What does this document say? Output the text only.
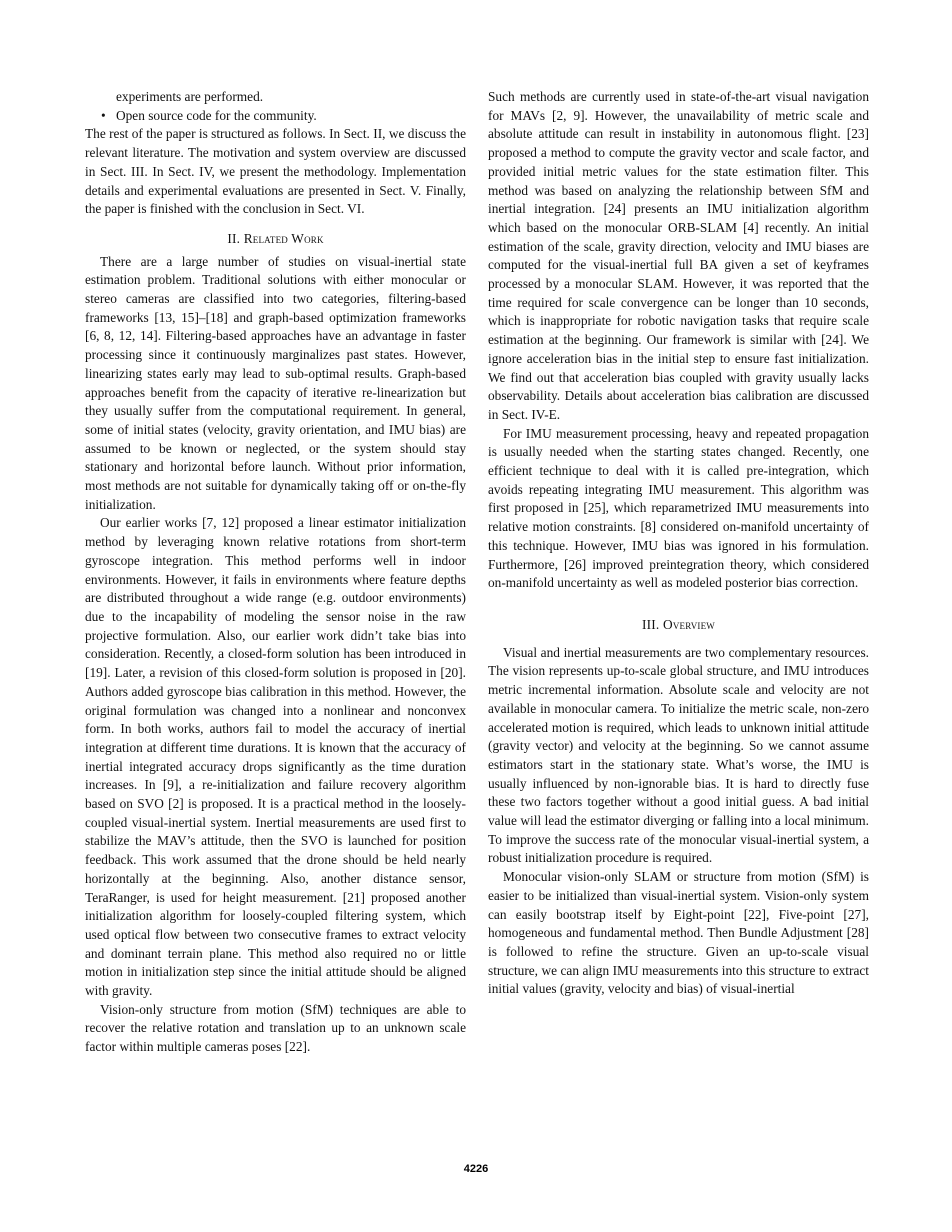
experiments are performed.
• Open source code for the community.

The rest of the paper is structured as follows. In Sect. II, we discuss the relevant literature. The motivation and system overview are discussed in Sect. III. In Sect. IV, we present the methodology. Implementation details and experimental evaluations are presented in Sect. V. Finally, the paper is finished with the conclusion in Sect. VI.

II. Related Work

There are a large number of studies on visual-inertial state estimation problem. Traditional solutions with either monocular or stereo cameras are classified into two categories, filtering-based frameworks [13, 15]–[18] and graph-based optimization frameworks [6, 8, 12, 14]. Filtering-based approaches have an advantage in faster processing since it continuously marginalizes past states. However, linearizing states early may lead to sub-optimal results. Graph-based approaches benefit from the capacity of iterative re-linearization but they usually suffer from the computational requirement. In general, some of initial states (velocity, gravity orientation, and IMU bias) are assumed to be known or neglected, or the system should stay stationary and horizontal before launch. Without prior information, most methods are not suitable for dynamically taking off or on-the-fly initialization.

Our earlier works [7, 12] proposed a linear estimator initialization method by leveraging known relative rotations from short-term gyroscope integration. This method performs well in indoor environments. However, it fails in environments where feature depths are distributed throughout a wide range (e.g. outdoor environments) due to the incapability of modeling the sensor noise in the raw projective formulation. Also, our earlier work didn’t take bias into consideration. Recently, a closed-form solution has been introduced in [19]. Later, a revision of this closed-form solution is proposed in [20]. Authors added gyroscope bias calibration in this method. However, the original formulation was changed into a nonlinear and nonconvex form. In both works, authors fail to model the accuracy of inertial integration at different time durations. It is known that the accuracy of inertial integrated accuracy drops significantly as the time duration increases. In [9], a re-initialization and failure recovery algorithm based on SVO [2] is proposed. It is a practical method in the loosely-coupled visual-inertial system. Inertial measurements are used first to stabilize the MAV’s attitude, then the SVO is launched for position feedback. This work assumed that the drone should be held nearly horizontally at the beginning. Also, another distance sensor, TeraRanger, is used for height measurement. [21] proposed another initialization algorithm for loosely-coupled filtering system, which used optical flow between two consecutive frames to extract velocity and dominant terrain plane. This method also required no or little motion in initialization step since the initial attitude should be aligned with gravity.

Vision-only structure from motion (SfM) techniques are able to recover the relative rotation and translation up to an unknown scale factor within multiple cameras poses [22].

Such methods are currently used in state-of-the-art visual navigation for MAVs [2, 9]. However, the unavailability of metric scale and absolute attitude can result in instability in autonomous flight. [23] proposed a method to compute the gravity vector and scale factor, and provided initial metric values for the state estimation filter. This method was based on analyzing the relationship between SfM and inertial integration. [24] presents an IMU initialization algorithm which based on the monocular ORB-SLAM [4] recently. An initial estimation of the scale, gravity direction, velocity and IMU biases are computed for the visual-inertial full BA given a set of keyframes processed by a monocular SLAM. However, it was reported that the time required for scale convergence can be longer than 10 seconds, which is inappropriate for robotic navigation tasks that require scale estimation at the beginning. Our framework is similar with [24]. We ignore acceleration bias in the initial step to ensure fast initialization. We find out that acceleration bias coupled with gravity usually lacks observability. Details about acceleration bias calibration are discussed in Sect. IV-E.

For IMU measurement processing, heavy and repeated propagation is usually needed when the starting states changed. Recently, one efficient technique to deal with it is called pre-integration, which avoids repeating integrating IMU measurement. This algorithm was first proposed in [25], which reparametrized IMU measurements into relative motion constraints. [8] considered on-manifold uncertainty of this technique. However, IMU bias was ignored in his formulation. Furthermore, [26] improved preintegration theory, which considered on-manifold uncertainty as well as modeled posterior bias correction.

III. Overview

Visual and inertial measurements are two complementary resources. The vision represents up-to-scale global structure, and IMU introduces metric incremental information. Absolute scale and velocity are not available in monocular camera. To initialize the metric scale, non-zero accelerated motion is required, which leads to unknown initial attitude (gravity vector) and velocity at the beginning. So we cannot assume estimators start in the stationary state. What’s worse, the IMU is usually influenced by non-ignorable bias. It is hard to directly fuse these two factors together without a good initial guess. A bad initial value will lead the estimator diverging or falling into a local minimum. To improve the success rate of the monocular visual-inertial system, a robust initialization procedure is required.

Monocular vision-only SLAM or structure from motion (SfM) is easier to be initialized than visual-inertial system. Vision-only system can easily bootstrap itself by Eight-point [22], Five-point [27], homogeneous and fundamental method. Then Bundle Adjustment [28] is followed to refine the structure. Given an up-to-scale visual structure, we can align IMU measurements into this structure to extract initial values (gravity, velocity and bias) of visual-inertial

4226
